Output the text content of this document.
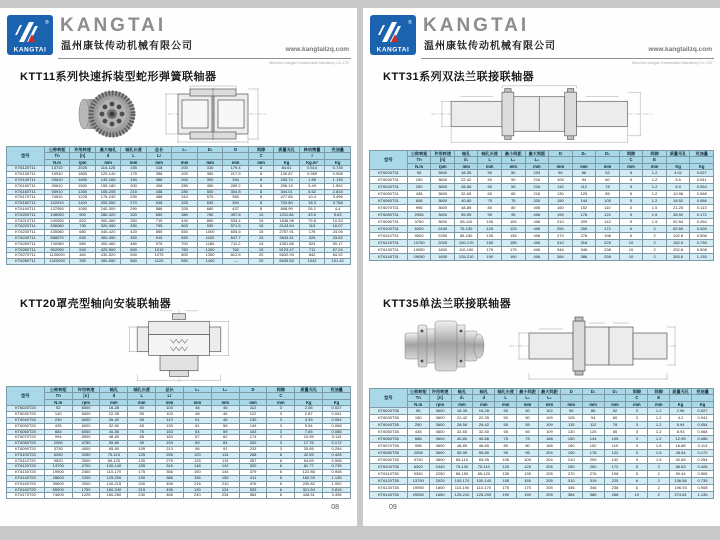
®
KANGTAI
KANGTAI
温州康钛传动机械有限公司	www.kangtailzq.com
Wenzhou Kangtai Transmission Machinery Co.,LTD
KTT11系列快速拆装型蛇形弹簧联轴器
型号	公称转矩	许用转速	最大轴孔	轴孔长度	总长	L₁	D₁	D	间隙	质量无孔	转动惯量	充油量
	Tn	[n]	d	L	Lr				C		I	
	N.m	rpm	mm	mm	mm	mm	mm	mm	mm	Kg	Kg.m²	Kg
KT6120T11	13710	2025	110-125	155	318	200	310	179.4	8	84.61	0.514	0.735
KT6130T11	19910	1800	120-140	175	358	200	350	217.5	8	130.87	0.959	0.908
KT6140T11	29610	1650	140-165	190	388	200	390	254	8	183.74	1.85	1.135
KT6150T11	39610	1500	155-180	200	408	280	450	289.2	8	256.19	3.49	1.562
KT6160T11	55910	1350	165-205	215	438	280	500	304.8	8	344.01	5.62	2.815
KT6170T11	74610	1225	175-240	230	468	310	570	355	8	477.65	10.4	3.496
KT6180T11	102010	1100	200-260	270	548	325	630	394	8	700.80	18.3	3.788
KT6190T11	137050	1050	240-300	290	588	325	680	437	8	898.99	26.1	4.4
KT6200T11	198050	900	280-320	320	650	380	760	497.8	10	1211.84	43.5	5.63
KT6210T11	240050	820	300-360	350	715	440	850	533.4	15	1636.98	75.8	10.53
KT6220T11	336080	730	320-390	390	795	500	930	571.5	15	2143.64	113	16.07
KT6230T11	435080	680	340-420	420	855	550	1000	605.6	15	2757.91	175	24.06
KT6240T11	558070	630	360-450	450	915	650	1100	647.7	15	3643.41	329	33.82
KT6250T11	740080	580	400-460	480	975	700	1180	711.2	15	4351.88	524	50.17
KT6260T11	902090	540	420-500	500	1015	760	1260	762	15	5123.47	711	67.24
KT6270T11	1130090	460	430-520	540	1075	800	1350	812.8	20	5632.93	842	84.92
KT6280T11	1320090	330	450-550	560	1120	850	1400	—	20	6635.53	1042	101.42
KTT20罩壳型轴向安装联轴器
型号	公称转矩	许用转速	轴孔	轴孔长度	总长	L₁	L₂	D	间隙	质量无孔	充油量
	Tn	[n]	d	L	Lr				C		
	N.m	rpm	mm	mm	mm	mm	mm	mm	mm	Kg	Kg
KT6020T20	52	6000	16-28	50	103	48	46	112	3	2.06	0.027
KT6030T20	140	6000	22-35	50	103	48	46	122	3	2.87	0.041
KT6040T20	249	6000	26-42	55	113	51	45	130	3	3.39	0.054
KT6050T20	435	6000	32-50	65	133	61	56	149	3	5.54	0.068
KT6060T20	684	6050	40-56	75	153	64	59	163	3	7.65	0.086
KT6070T20	994	5500	48-65	85	163	67	62	174	3	10.99	0.113
KT6080T20	2050	4750	55-80	95	193	89	84	200	3	17.76	0.172
KT6090T20	3730	4000	65-90	105	213	96	91	233	3	25.85	0.254
KT6100T20	6250	3250	75-110	125	255	120	114	268	6	42.55	0.426
KT6110T20	9520	3000	85-120	135	275	125	119	287	6	54.69	0.508
KT6120T20	13700	2700	100-140	155	316	148	142	320	6	81.77	0.735
KT6130T20	19900	2400	110-170	175	356	150	144	379	6	122.86	0.908
KT6140T20	28600	2200	125-200	190	386	156	150	411	6	180.33	1.135
KT6150T20	39600	2000	140-215	200	406	216	210	476	6	230.82	1.952
KT6160T20	55900	1750	160-240	215	436	130	124	533	6	321.54	2.815
KT6170T20	74600	1225	180-260	230	466	240	234	584	6	448.51	3.496
08
®
KANGTAI
KANGTAI
温州康钛传动机械有限公司	www.kangtailzq.com
Wenzhou Kangtai Transmission Machinery Co.,LTD
KTT31系列双法兰联接联轴器
型号	公称转矩	许用转速	轴孔	轴孔长度	最小间距	最大间距	D	D₁	D₂	间隙	间隙	质量无孔	充油量
	Tn	[n]	d₁	L	L₁	L₂				C	E		
	N.m	rpm	mm	mm	mm	mm	mm	mm	mm	mm	mm	Kg	Kg
KT6020T31	55	3600	18-35	50	50	203	95	86	52	5	1.2	4.01	0.027
KT6030T31	150	3600	22-42	50	50	216	105	94	60	5	1.2	5.5	0.041
KT6040T31	250	3600	28-56	55	55	216	115	112	78	5	1.2	6.9	0.054
KT6050T31	438	3600	32-65	65	65	216	130	125	85	5	1.2	10.96	0.068
KT6060T31	608	3600	40-80	75	75	330	150	144	105	5	1.2	16.52	0.086
KT6070T31	998	3600	48-85	80	80	406	160	152	110	5	1.5	21.25	0.113
KT6080T31	2055	3600	55-95	95	95	406	190	178	122	5	1.5	36.92	0.172
KT6090T31	3750	3600	65-110	105	105	406	210	209	142	5	1.5	52.54	0.254
KT6100T31	6300	2440	75-130	125	125	406	250	250	172	6	2	82.65	0.426
KT6110T31	9500	2250	85-150	135	135	406	270	276	198	6	2	102.8	0.508
KT6120T31	13750	2025	100-170	155	155	406	310	318	225	10	2	162.9	0.735
KT6130T31	19950	1800	110-190	175	175	406	346	346	238	10	2	252.8	0.908
KT6140T31	29050	1650	125-210	190	190	406	384	386	258	10	2	353.6	1.135
KTT35单法兰联接联轴器
型号	公称转矩	许用转速	轴孔	轴孔	轴孔长度	最小间距	最大间距	D	D₁	D₂	间隙	间隙	质量无孔	充油量
	Tn	[n]	d₁	d	L	L₁	L₂				C	E		
	N.m	rpm	mm	mm	mm	mm	mm	mm	mm	mm	mm	mm	Kg	Kg
KT6020T35	55	3600	18-35	16-28	50	50	102	95	86	52	3	1.2	2.96	0.027
KT6030T35	150	3600	22-42	22-35	50	50	109	105	94	60	3	1.2	4.2	0.041
KT6040T35	250	3600	28-56	26-42	55	55	109	115	112	78	3	1.2	5.94	0.054
KT6050T35	438	3600	32-65	32-50	65	65	109	130	125	85	3	1.2	8.93	0.068
KT6060T35	688	3600	40-80	40-56	75	75	168	150	144	105	3	1.2	12.95	0.086
KT6070T35	998	3600	48-85	48-65	80	80	168	160	152	110	3	1.5	16.88	0.113
KT6080T35	2055	3600	55-95	55-80	95	95	204	190	178	122	3	1.5	28.54	0.172
KT6090T35	3750	3600	65-110	65-95	105	105	204	210	209	142	3	1.5	42.65	0.254
KT6100T35	6300	2440	75-130	75-110	125	125	205	250	250	172	5	2	68.63	0.426
KT6110T35	9350	2250	85-150	85-120	135	135	205	270	276	198	5	2	90.44	0.508
KT6120T35	13750	2025	100-170	100-140	155	155	205	310	319	225	6	2	136.56	0.735
KT6130T35	19950	1800	110-190	110-170	175	175	205	346	346	238	6	2	196.93	0.908
KT6140T35	29050	1650	125-210	125-200	190	190	205	384	386	268	10	2	274.81	1.135
09
